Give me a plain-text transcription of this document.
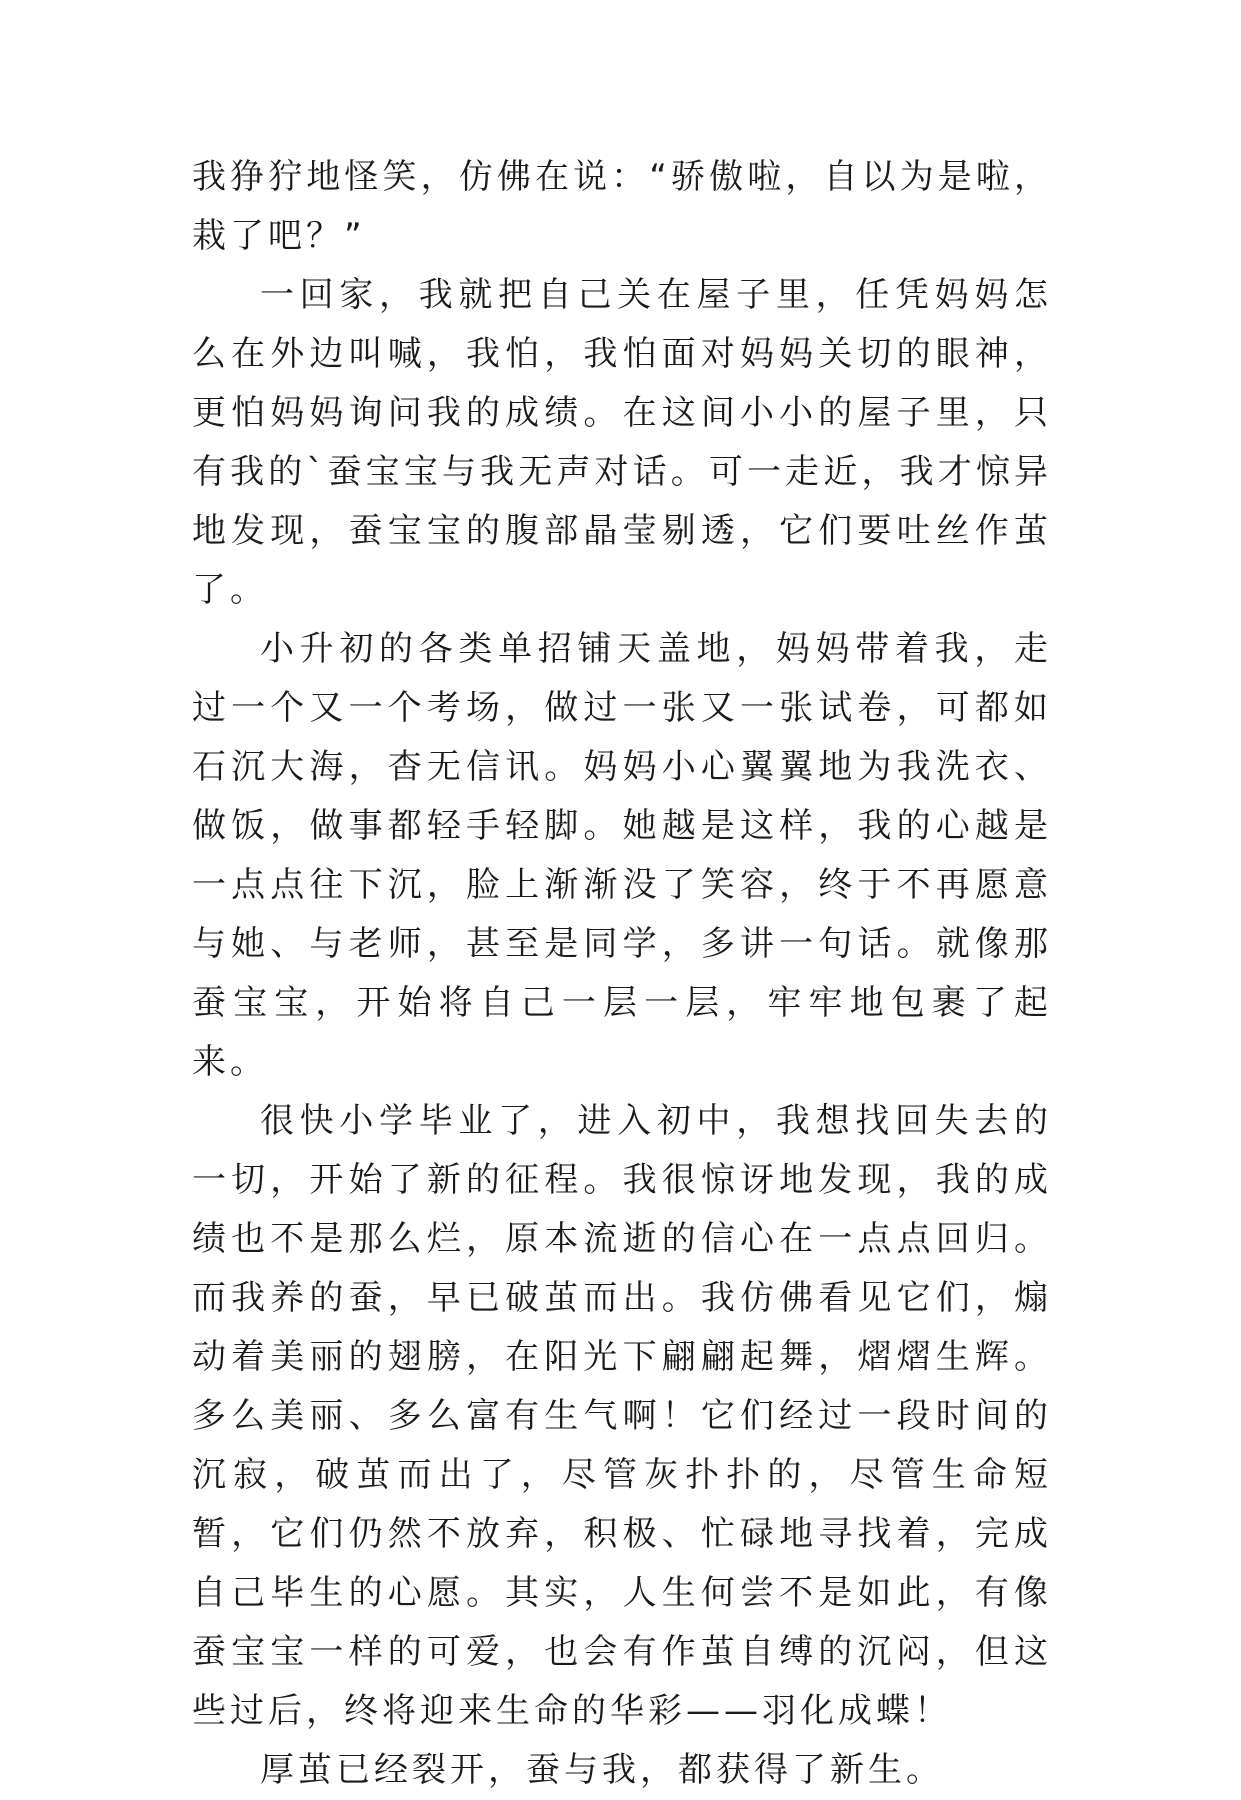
我狰狞地怪笑，仿佛在说：“骄傲啦，自以为是啦，栽了吧？”

一回家，我就把自己关在屋子里，任凭妈妈怎么在外边叫喊，我怕，我怕面对妈妈关切的眼神，更怕妈妈询问我的成绩。在这间小小的屋子里，只有我的`蚕宝宝与我无声对话。可一走近，我才惊异地发现，蚕宝宝的腹部晶莹剔透，它们要吐丝作茧了。

小升初的各类单招铺天盖地，妈妈带着我，走过一个又一个考场，做过一张又一张试卷，可都如石沉大海，杳无信讯。妈妈小心翼翼地为我洗衣、做饭，做事都轻手轻脚。她越是这样，我的心越是一点点往下沉，脸上渐渐没了笑容，终于不再愿意与她、与老师，甚至是同学，多讲一句话。就像那蚕宝宝，开始将自己一层一层，牢牢地包裹了起来。

很快小学毕业了，进入初中，我想找回失去的一切，开始了新的征程。我很惊讶地发现，我的成绩也不是那么烂，原本流逝的信心在一点点回归。而我养的蚕，早已破茧而出。我仿佛看见它们，煽动着美丽的翅膀，在阳光下翩翩起舞，熠熠生辉。多么美丽、多么富有生气啊！它们经过一段时间的沉寂，破茧而出了，尽管灰扑扑的，尽管生命短暂，它们仍然不放弃，积极、忙碌地寻找着，完成自己毕生的心愿。其实，人生何尝不是如此，有像蚕宝宝一样的可爱，也会有作茧自缚的沉闷，但这些过后，终将迎来生命的华彩——羽化成蝶！

厚茧已经裂开，蚕与我，都获得了新生。
